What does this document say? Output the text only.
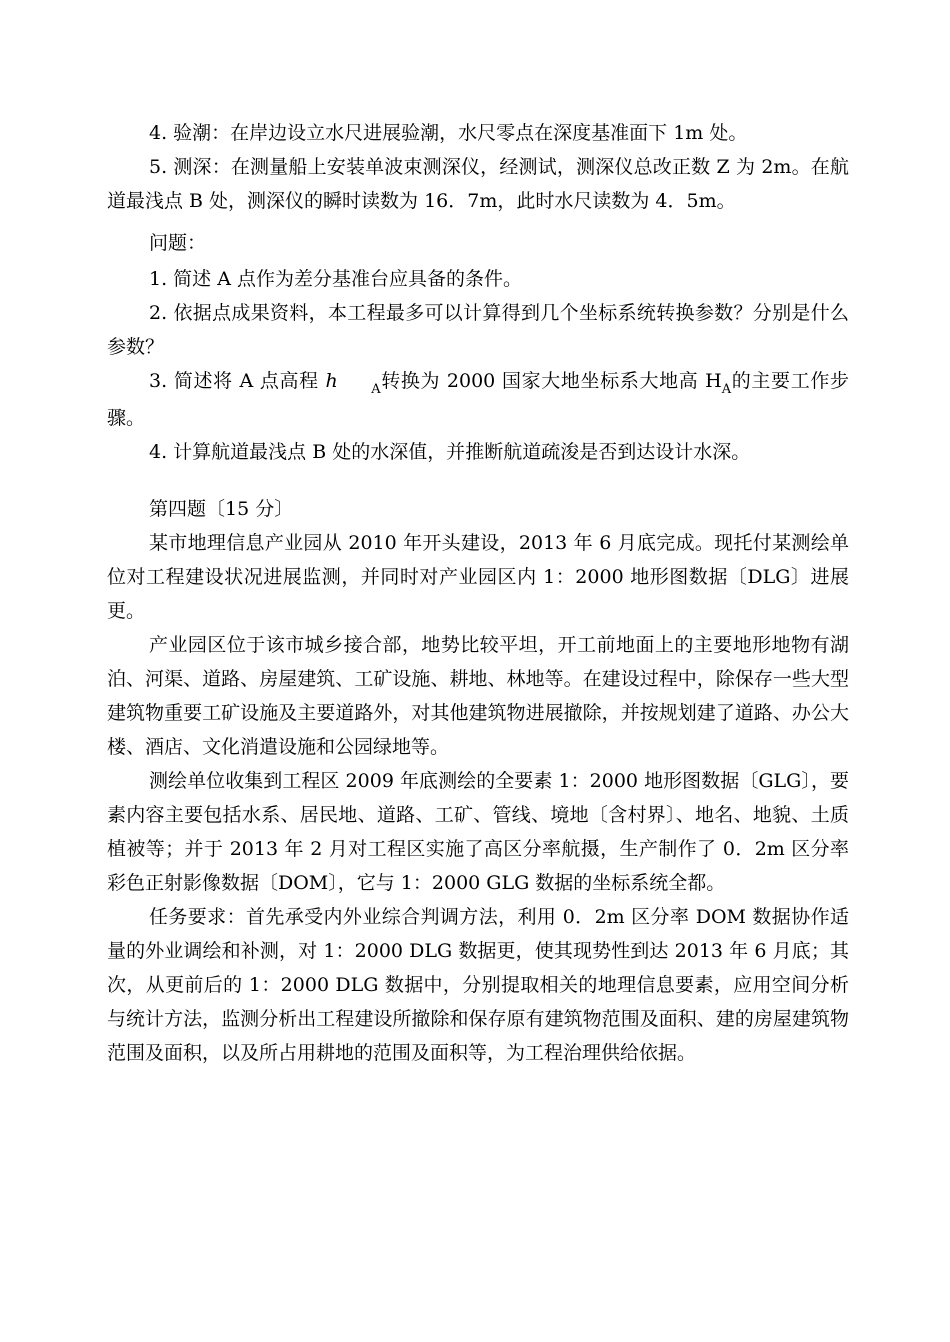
4. 验潮：在岸边设立水尺进展验潮，水尺零点在深度基准面下 1m 处。

5. 测深：在测量船上安装单波束测深仪，经测试，测深仪总改正数 Z 为 2m。在航道最浅点 B 处，测深仪的瞬时读数为 16．7m，此时水尺读数为 4．5m。

问题：

1. 简述 A 点作为差分基准台应具备的条件。

2. 依据点成果资料，本工程最多可以计算得到几个坐标系统转换参数？分别是什么参数？

3. 简述将 A 点高程 h	$_A$转换为 2000 国家大地坐标系大地高 $H_A$的主要工作步骤。

4. 计算航道最浅点 B 处的水深值，并推断航道疏浚是否到达设计水深。

第四题〔15 分〕

某市地理信息产业园从 2010 年开头建设，2013 年 6 月底完成。现托付某测绘单位对工程建设状况进展监测，并同时对产业园区内 1：2000 地形图数据〔DLG〕进展更。

产业园区位于该市城乡接合部，地势比较平坦，开工前地面上的主要地形地物有湖泊、河渠、道路、房屋建筑、工矿设施、耕地、林地等。在建设过程中，除保存一些大型建筑物重要工矿设施及主要道路外，对其他建筑物进展撤除，并按规划建了道路、办公大楼、酒店、文化消遣设施和公园绿地等。

测绘单位收集到工程区 2009 年底测绘的全要素 1：2000 地形图数据〔GLG〕，要素内容主要包括水系、居民地、道路、工矿、管线、境地〔含村界〕、地名、地貌、土质植被等；并于 2013 年 2 月对工程区实施了高区分率航摄，生产制作了 0．2m 区分率彩色正射影像数据〔DOM〕，它与 1：2000 GLG 数据的坐标系统全都。

任务要求：首先承受内外业综合判调方法，利用 0．2m 区分率 DOM 数据协作适量的外业调绘和补测，对 1：2000 DLG 数据更，使其现势性到达 2013 年 6 月底；其次，从更前后的 1：2000 DLG 数据中，分别提取相关的地理信息要素，应用空间分析与统计方法，监测分析出工程建设所撤除和保存原有建筑物范围及面积、建的房屋建筑物范围及面积，以及所占用耕地的范围及面积等，为工程治理供给依据。
